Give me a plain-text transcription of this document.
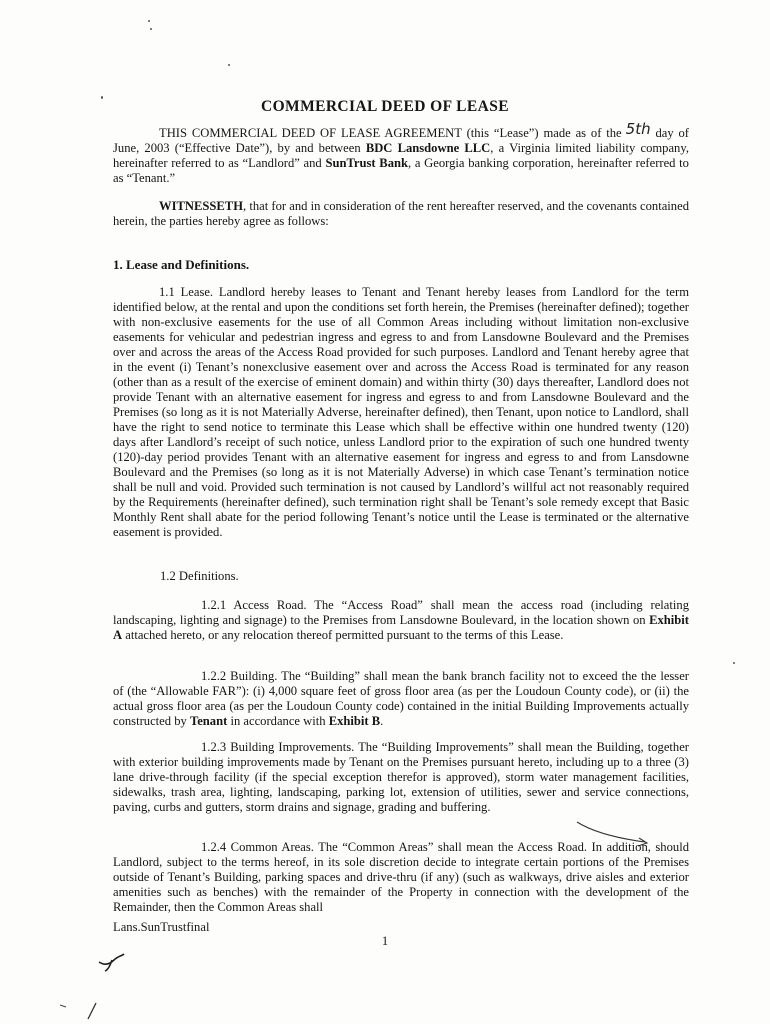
COMMERCIAL DEED OF LEASE
THIS COMMERCIAL DEED OF LEASE AGREEMENT (this “Lease”) made as of the 5th day of June, 2003 (“Effective Date”), by and between BDC Lansdowne LLC, a Virginia limited liability company, hereinafter referred to as “Landlord” and SunTrust Bank, a Georgia banking corporation, hereinafter referred to as “Tenant.”
WITNESSETH, that for and in consideration of the rent hereafter reserved, and the covenants contained herein, the parties hereby agree as follows:
1. Lease and Definitions.
1.1 Lease. Landlord hereby leases to Tenant and Tenant hereby leases from Landlord for the term identified below, at the rental and upon the conditions set forth herein, the Premises (hereinafter defined); together with non-exclusive easements for the use of all Common Areas including without limitation non-exclusive easements for vehicular and pedestrian ingress and egress to and from Lansdowne Boulevard and the Premises over and across the areas of the Access Road provided for such purposes. Landlord and Tenant hereby agree that in the event (i) Tenant’s nonexclusive easement over and across the Access Road is terminated for any reason (other than as a result of the exercise of eminent domain) and within thirty (30) days thereafter, Landlord does not provide Tenant with an alternative easement for ingress and egress to and from Lansdowne Boulevard and the Premises (so long as it is not Materially Adverse, hereinafter defined), then Tenant, upon notice to Landlord, shall have the right to send notice to terminate this Lease which shall be effective within one hundred twenty (120) days after Landlord’s receipt of such notice, unless Landlord prior to the expiration of such one hundred twenty (120)-day period provides Tenant with an alternative easement for ingress and egress to and from Lansdowne Boulevard and the Premises (so long as it is not Materially Adverse) in which case Tenant’s termination notice shall be null and void. Provided such termination is not caused by Landlord’s willful act not reasonably required by the Requirements (hereinafter defined), such termination right shall be Tenant’s sole remedy except that Basic Monthly Rent shall abate for the period following Tenant’s notice until the Lease is terminated or the alternative easement is provided.
1.2 Definitions.
1.2.1 Access Road. The “Access Road” shall mean the access road (including relating landscaping, lighting and signage) to the Premises from Lansdowne Boulevard, in the location shown on Exhibit A attached hereto, or any relocation thereof permitted pursuant to the terms of this Lease.
1.2.2 Building. The “Building” shall mean the bank branch facility not to exceed the the lesser of (the “Allowable FAR”): (i) 4,000 square feet of gross floor area (as per the Loudoun County code), or (ii) the actual gross floor area (as per the Loudoun County code) contained in the initial Building Improvements actually constructed by Tenant in accordance with Exhibit B.
1.2.3 Building Improvements. The “Building Improvements” shall mean the Building, together with exterior building improvements made by Tenant on the Premises pursuant hereto, including up to a three (3) lane drive-through facility (if the special exception therefor is approved), storm water management facilities, sidewalks, trash area, lighting, landscaping, parking lot, extension of utilities, sewer and service connections, paving, curbs and gutters, storm drains and signage, grading and buffering.
1.2.4 Common Areas. The “Common Areas” shall mean the Access Road. In addition, should Landlord, subject to the terms hereof, in its sole discretion decide to integrate certain portions of the Premises outside of Tenant’s Building, parking spaces and drive-thru (if any) (such as walkways, drive aisles and exterior amenities such as benches) with the remainder of the Property in connection with the development of the Remainder, then the Common Areas shall
Lans.SunTrustfinal
1
